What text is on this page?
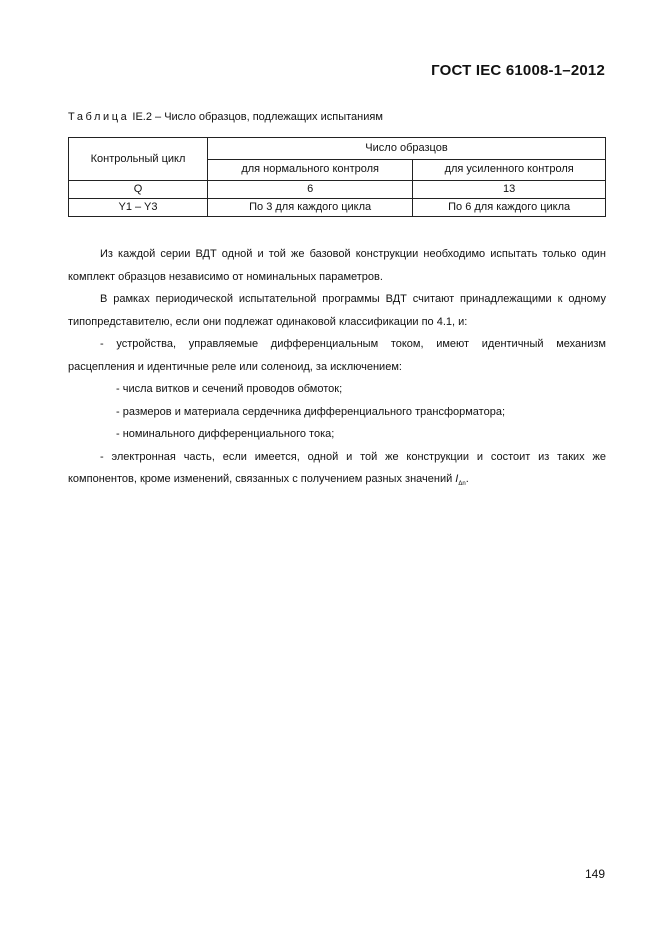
ГОСТ IEC 61008-1–2012
Таблица IE.2 – Число образцов, подлежащих испытаниям
Контрольный цикл	Число образцов	
	для нормального контроля	для усиленного контроля
Q	6	13
Y1 – Y3	По 3 для каждого цикла	По 6 для каждого цикла

Из каждой серии ВДТ одной и той же базовой конструкции необходимо испытать только один комплект образцов независимо от номинальных параметров.

В рамках периодической испытательной программы ВДТ считают принадлежащими к одному типопредставителю, если они подлежат одинаковой классификации по 4.1, и:

- устройства, управляемые дифференциальным током, имеют идентичный механизм расцепления и идентичные реле или соленоид, за исключением:

- числа витков и сечений проводов обмоток;

- размеров и материала сердечника дифференциального трансформатора;

- номинального дифференциального тока;

- электронная часть, если имеется, одной и той же конструкции и состоит из таких же компонентов, кроме изменений, связанных с получением разных значений $I_{\Delta n}$.

149
